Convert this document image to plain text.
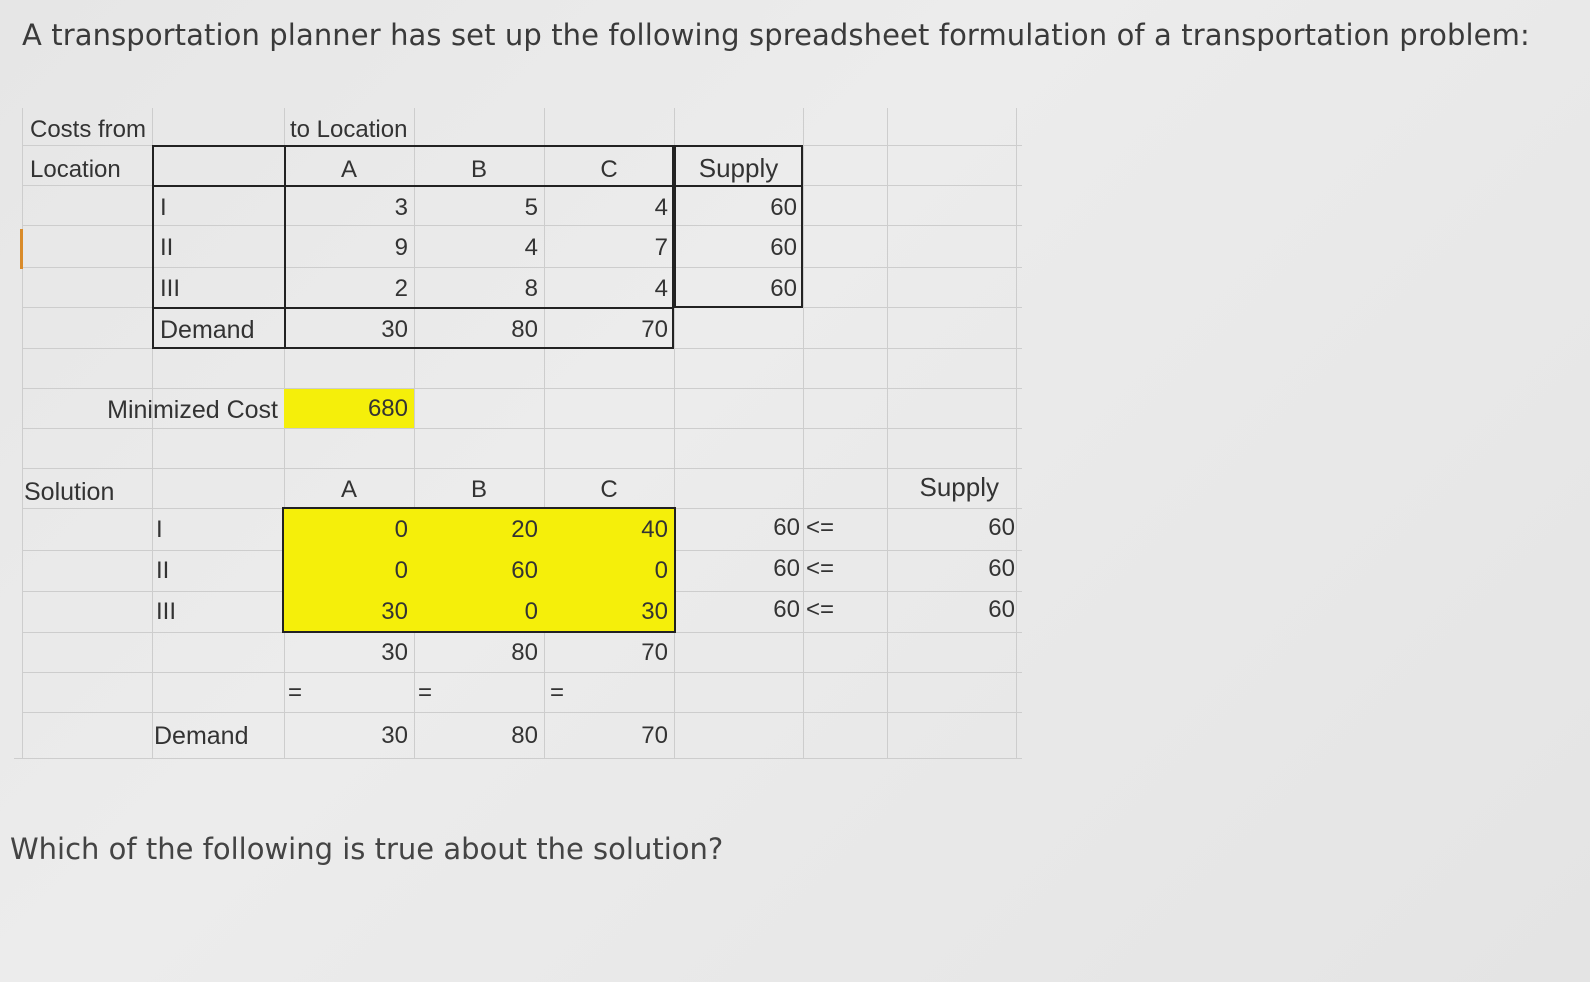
A transportation planner has set up the following spreadsheet formulation of a transportation problem:
Costs from
Location
to Location
A	B	C	Supply
I	3	5	4	60
II	9	4	7	60
III	2	8	4	60
Demand	30	80	70
Minimized Cost	680
Solution	A	B	C	Supply
I	0	20	40	60 <=	60
II	0	60	0	60 <=	60
III	30	0	30	60 <=	60
30	80	70
=	=	=
Demand	30	80	70
Which of the following is true about the solution?
